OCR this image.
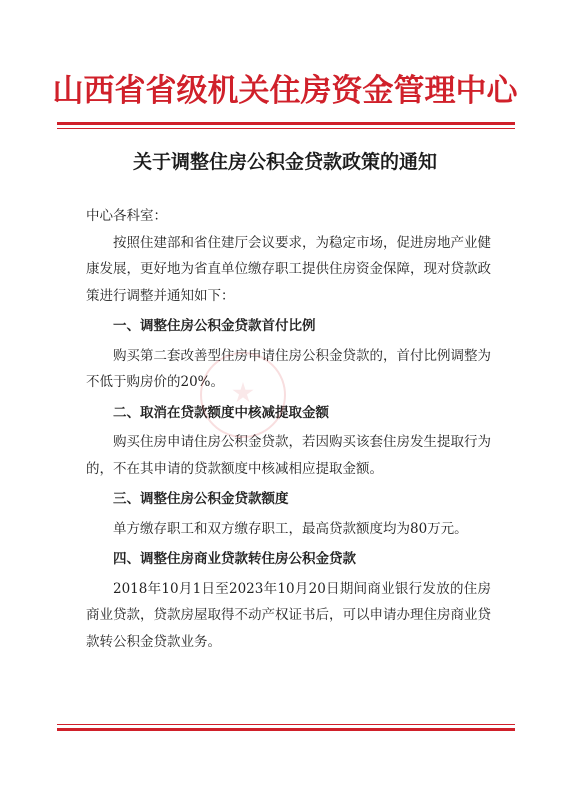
山西省省级机关住房资金管理中心
关于调整住房公积金贷款政策的通知

中心各科室：

按照住建部和省住建厅会议要求，为稳定市场，促进房地产业健康发展，更好地为省直单位缴存职工提供住房资金保障，现对贷款政策进行调整并通知如下：

一、调整住房公积金贷款首付比例

购买第二套改善型住房申请住房公积金贷款的，首付比例调整为不低于购房价的20%。

二、取消在贷款额度中核减提取金额

购买住房申请住房公积金贷款，若因购买该套住房发生提取行为的，不在其申请的贷款额度中核减相应提取金额。

三、调整住房公积金贷款额度

单方缴存职工和双方缴存职工，最高贷款额度均为80万元。

四、调整住房商业贷款转住房公积金贷款

2018年10月1日至2023年10月20日期间商业银行发放的住房商业贷款，贷款房屋取得不动产权证书后，可以申请办理住房商业贷款转公积金贷款业务。
